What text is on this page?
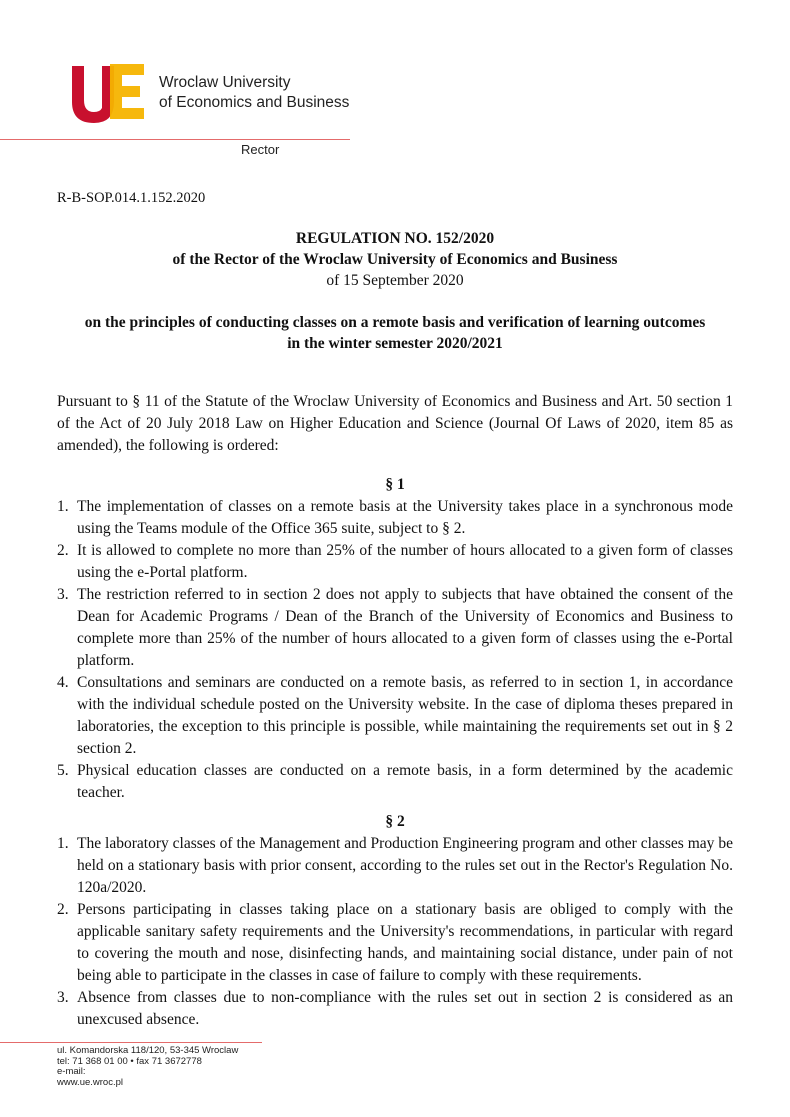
Wroclaw University
of Economics and Business
Rector
R-B-SOP.014.1.152.2020
REGULATION NO. 152/2020
of the Rector of the Wroclaw University of Economics and Business
of 15 September 2020
on the principles of conducting classes on a remote basis and verification of learning outcomes
in the winter semester 2020/2021

Pursuant to § 11 of the Statute of the Wroclaw University of Economics and Business and Art. 50 section 1 of the Act of 20 July 2018 Law on Higher Education and Science (Journal Of Laws of 2020, item 85 as amended), the following is ordered:

§ 1
1. The implementation of classes on a remote basis at the University takes place in a synchronous mode using the Teams module of the Office 365 suite, subject to § 2.
2. It is allowed to complete no more than 25% of the number of hours allocated to a given form of classes using the e-Portal platform.
3. The restriction referred to in section 2 does not apply to subjects that have obtained the consent of the Dean for Academic Programs / Dean of the Branch of the University of Economics and Business to complete more than 25% of the number of hours allocated to a given form of classes using the e-Portal platform.
4. Consultations and seminars are conducted on a remote basis, as referred to in section 1, in accordance with the individual schedule posted on the University website. In the case of diploma theses prepared in laboratories, the exception to this principle is possible, while maintaining the requirements set out in § 2 section 2.
5. Physical education classes are conducted on a remote basis, in a form determined by the academic teacher.
§ 2
1. The laboratory classes of the Management and Production Engineering program and other classes may be held on a stationary basis with prior consent, according to the rules set out in the Rector's Regulation No. 120a/2020.
2. Persons participating in classes taking place on a stationary basis are obliged to comply with the applicable sanitary safety requirements and the University's recommendations, in particular with regard to covering the mouth and nose, disinfecting hands, and maintaining social distance, under pain of not being able to participate in the classes in case of failure to comply with these requirements.
3. Absence from classes due to non-compliance with the rules set out in section 2 is considered as an unexcused absence.
ul. Komandorska 118/120, 53-345 Wroclaw
tel: 71 368 01 00 • fax 71 3672778
e-mail:
www.ue.wroc.pl
